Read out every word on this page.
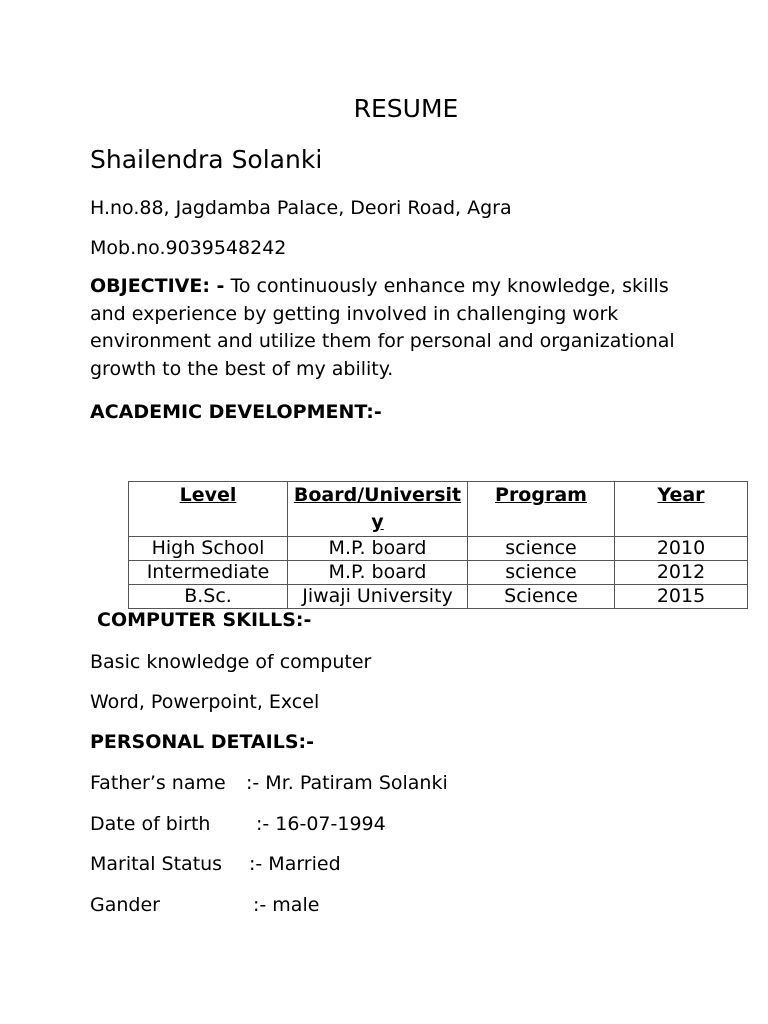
RESUME
Shailendra Solanki
H.no.88, Jagdamba Palace, Deori Road, Agra
Mob.no.9039548242
OBJECTIVE: - To continuously enhance my knowledge, skills and experience by getting involved in challenging work environment and utilize them for personal and organizational growth to the best of my ability.
ACADEMIC DEVELOPMENT:-
Level	Board/University	Program	Year
High School	M.P. board	science	2010
Intermediate	M.P. board	science	2012
B.Sc.	Jiwaji University	Science	2015
COMPUTER SKILLS:-
Basic knowledge of computer
Word, Powerpoint, Excel
PERSONAL DETAILS:-
Father’s name :- Mr. Patiram Solanki
Date of birth :- 16-07-1994
Marital Status :- Married
Gander	:- male
